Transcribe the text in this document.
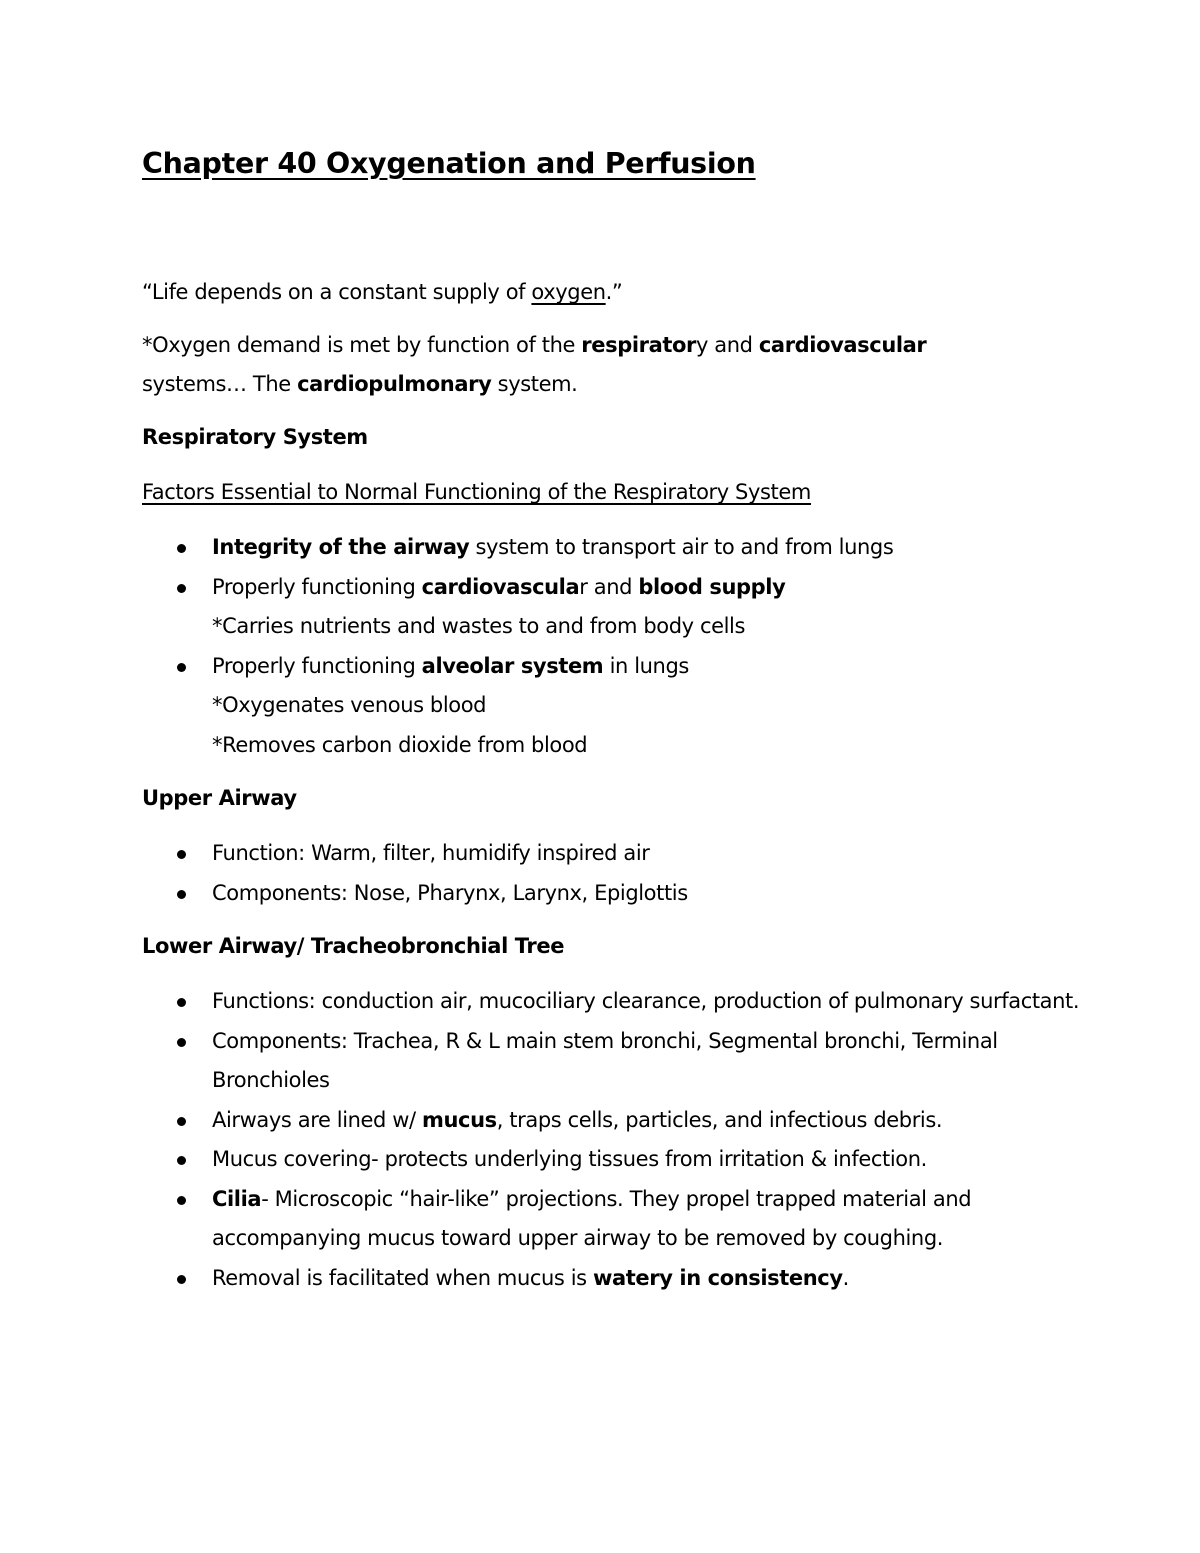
Chapter 40 Oxygenation and Perfusion

“Life depends on a constant supply of oxygen.”

*Oxygen demand is met by function of the respiratory and cardiovascular
systems… The cardiopulmonary system.

Respiratory System
Factors Essential to Normal Functioning of the Respiratory System
Integrity of the airway system to transport air to and from lungs
Properly functioning cardiovascular and blood supply
*Carries nutrients and wastes to and from body cells
Properly functioning alveolar system in lungs
*Oxygenates venous blood
*Removes carbon dioxide from blood
Upper Airway
Function: Warm, filter, humidify inspired air
Components: Nose, Pharynx, Larynx, Epiglottis
Lower Airway/ Tracheobronchial Tree
Functions: conduction air, mucociliary clearance, production of pulmonary surfactant.
Components: Trachea, R & L main stem bronchi, Segmental bronchi, Terminal Bronchioles
Airways are lined w/ mucus, traps cells, particles, and infectious debris.
Mucus covering- protects underlying tissues from irritation & infection.
Cilia- Microscopic “hair-like” projections. They propel trapped material and accompanying mucus toward upper airway to be removed by coughing.
Removal is facilitated when mucus is watery in consistency.
